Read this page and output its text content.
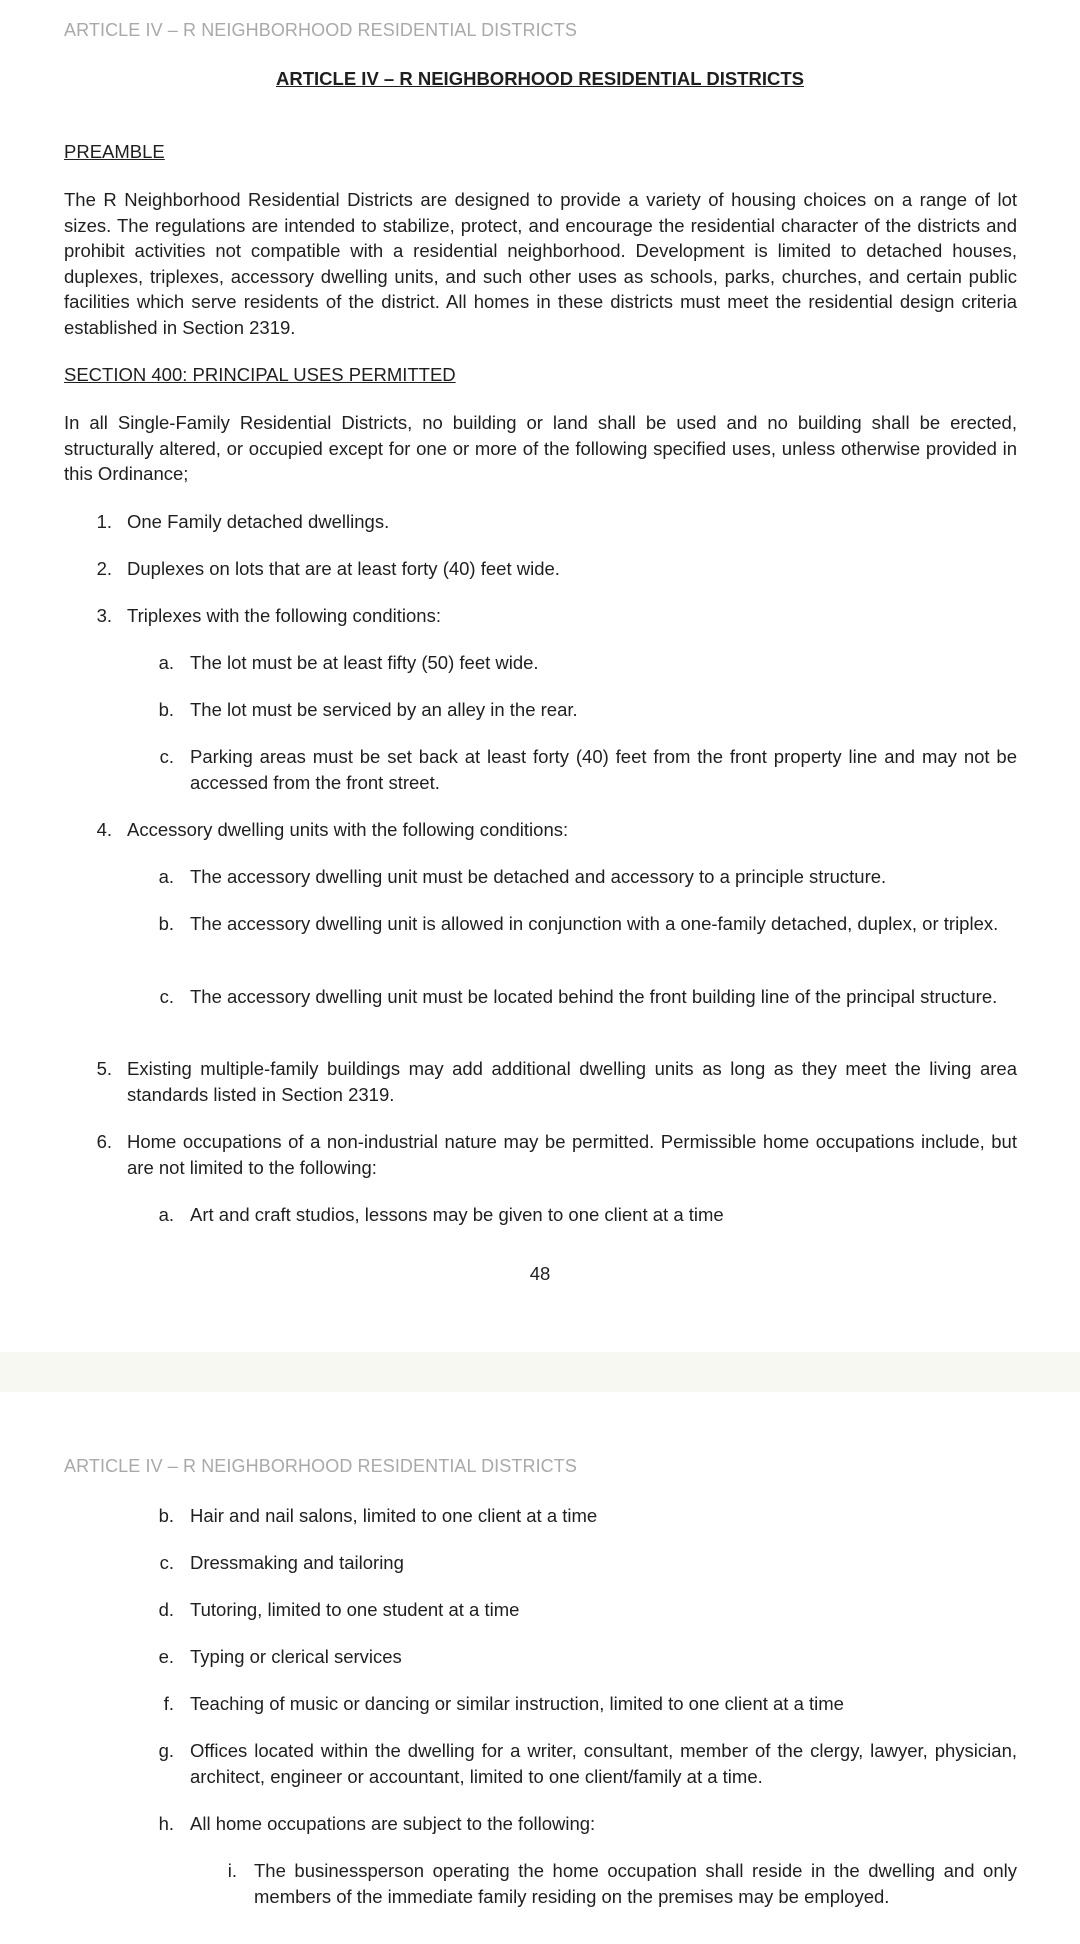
ARTICLE IV – R NEIGHBORHOOD RESIDENTIAL DISTRICTS
ARTICLE IV – R NEIGHBORHOOD RESIDENTIAL DISTRICTS
PREAMBLE

The R Neighborhood Residential Districts are designed to provide a variety of housing choices on a range of lot sizes. The regulations are intended to stabilize, protect, and encourage the residential character of the districts and prohibit activities not compatible with a residential neighborhood. Development is limited to detached houses, duplexes, triplexes, accessory dwelling units, and such other uses as schools, parks, churches, and certain public facilities which serve residents of the district. All homes in these districts must meet the residential design criteria established in Section 2319.

SECTION 400: PRINCIPAL USES PERMITTED

In all Single-Family Residential Districts, no building or land shall be used and no building shall be erected, structurally altered, or occupied except for one or more of the following specified uses, unless otherwise provided in this Ordinance;

1. One Family detached dwellings.
2. Duplexes on lots that are at least forty (40) feet wide.
3. Triplexes with the following conditions:
a. The lot must be at least fifty (50) feet wide.
b. The lot must be serviced by an alley in the rear.
c. Parking areas must be set back at least forty (40) feet from the front property line and may not be accessed from the front street.
4. Accessory dwelling units with the following conditions:
a. The accessory dwelling unit must be detached and accessory to a principle structure.
b. The accessory dwelling unit is allowed in conjunction with a one-family detached, duplex, or triplex.
c. The accessory dwelling unit must be located behind the front building line of the principal structure.
5. Existing multiple-family buildings may add additional dwelling units as long as they meet the living area standards listed in Section 2319.
6. Home occupations of a non-industrial nature may be permitted. Permissible home occupations include, but are not limited to the following:
a. Art and craft studios, lessons may be given to one client at a time
48
ARTICLE IV – R NEIGHBORHOOD RESIDENTIAL DISTRICTS
b. Hair and nail salons, limited to one client at a time
c. Dressmaking and tailoring
d. Tutoring, limited to one student at a time
e. Typing or clerical services
f. Teaching of music or dancing or similar instruction, limited to one client at a time
g. Offices located within the dwelling for a writer, consultant, member of the clergy, lawyer, physician, architect, engineer or accountant, limited to one client/family at a time.
h. All home occupations are subject to the following:
i. The businessperson operating the home occupation shall reside in the dwelling and only members of the immediate family residing on the premises may be employed.
